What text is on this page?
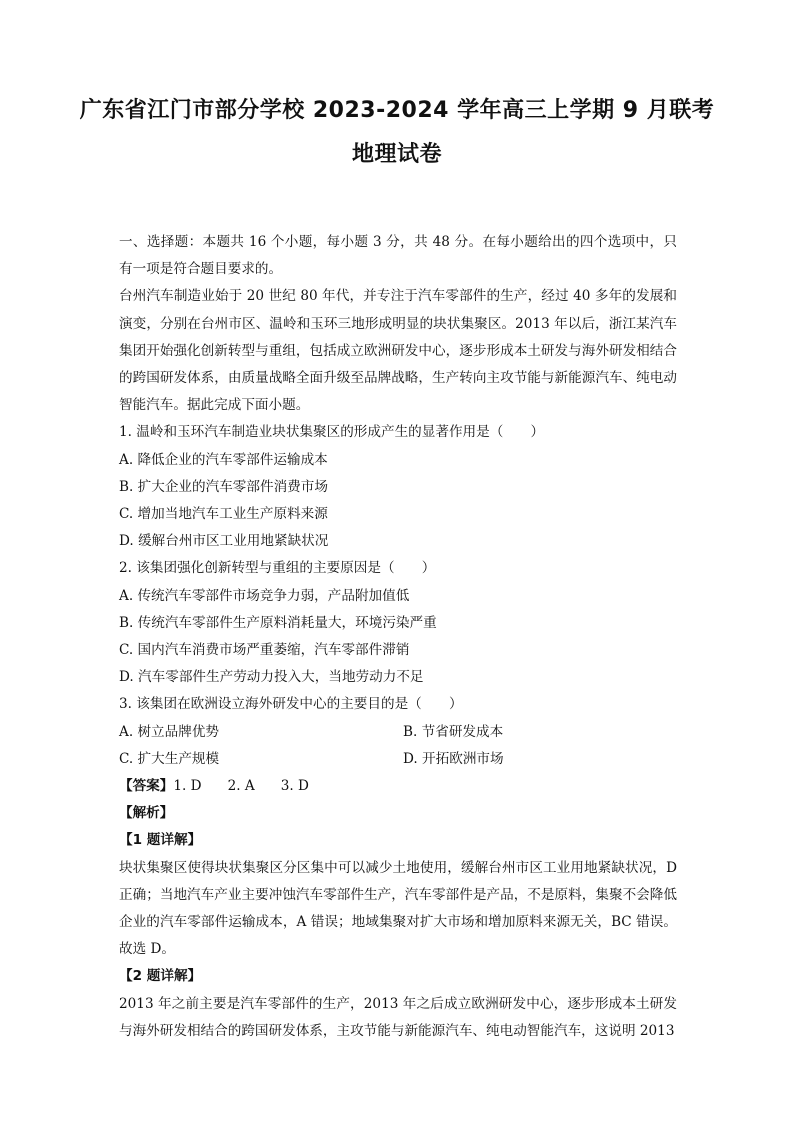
广东省江门市部分学校 2023-2024 学年高三上学期 9 月联考
地理试卷

一、选择题：本题共 16 个小题，每小题 3 分，共 48 分。在每小题给出的四个选项中，只有一项是符合题目要求的。

台州汽车制造业始于 20 世纪 80 年代，并专注于汽车零部件的生产，经过 40 多年的发展和演变，分别在台州市区、温岭和玉环三地形成明显的块状集聚区。2013 年以后，浙江某汽车集团开始强化创新转型与重组，包括成立欧洲研发中心，逐步形成本土研发与海外研发相结合的跨国研发体系，由质量战略全面升级至品牌战略，生产转向主攻节能与新能源汽车、纯电动智能汽车。据此完成下面小题。

1. 温岭和玉环汽车制造业块状集聚区的形成产生的显著作用是（　　）

A. 降低企业的汽车零部件运输成本

B. 扩大企业的汽车零部件消费市场

C. 增加当地汽车工业生产原料来源

D. 缓解台州市区工业用地紧缺状况

2. 该集团强化创新转型与重组的主要原因是（　　）

A. 传统汽车零部件市场竞争力弱，产品附加值低

B. 传统汽车零部件生产原料消耗量大，环境污染严重

C. 国内汽车消费市场严重萎缩，汽车零部件滞销

D. 汽车零部件生产劳动力投入大，当地劳动力不足

3. 该集团在欧洲设立海外研发中心的主要目的是（　　）

A. 树立品牌优势	B. 节省研发成本
C. 扩大生产规模	D. 开拓欧洲市场

【答案】1. D 2. A 3. D

【解析】

【1 题详解】

块状集聚区使得块状集聚区分区集中可以减少土地使用，缓解台州市区工业用地紧缺状况，D 正确；当地汽车产业主要冲蚀汽车零部件生产，汽车零部件是产品，不是原料，集聚不会降低企业的汽车零部件运输成本，A 错误；地域集聚对扩大市场和增加原料来源无关，BC 错误。故选 D。

【2 题详解】

2013 年之前主要是汽车零部件的生产，2013 年之后成立欧洲研发中心，逐步形成本土研发与海外研发相结合的跨国研发体系，主攻节能与新能源汽车、纯电动智能汽车，这说明 2013
